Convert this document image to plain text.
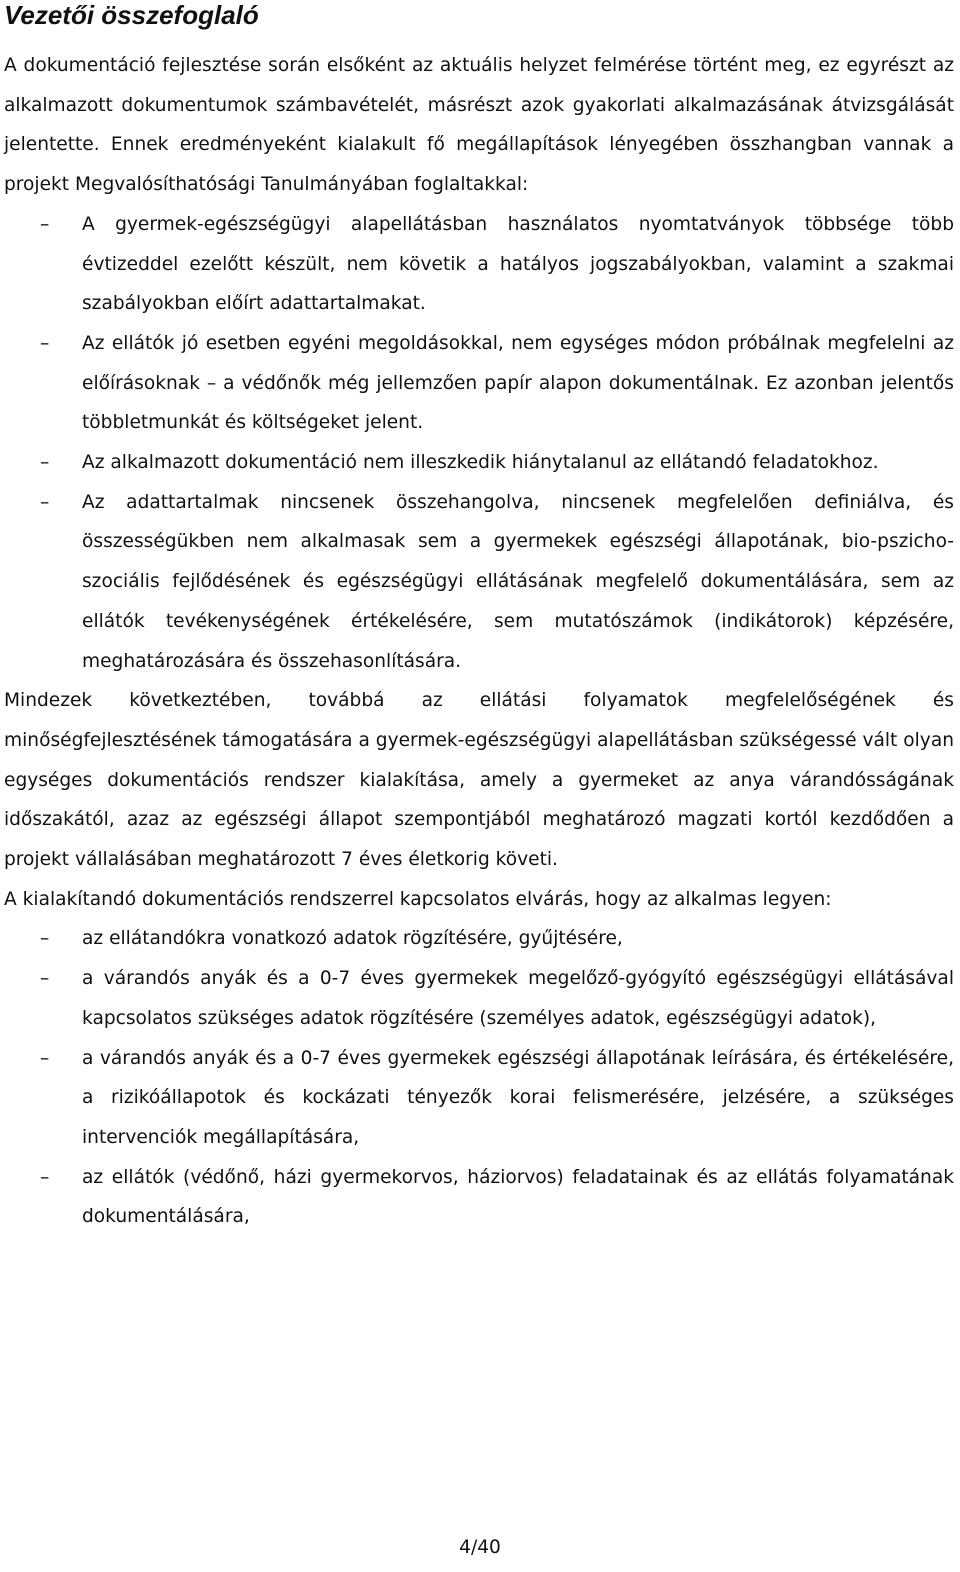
Vezetői összefoglaló

A dokumentáció fejlesztése során elsőként az aktuális helyzet felmérése történt meg, ez egyrészt az alkalmazott dokumentumok számbavételét, másrészt azok gyakorlati alkalmazásának átvizsgálását jelentette. Ennek eredményeként kialakult fő megállapítások lényegében összhangban vannak a projekt Megvalósíthatósági Tanulmányában foglaltakkal:

– A gyermek-egészségügyi alapellátásban használatos nyomtatványok többsége több évtizeddel ezelőtt készült, nem követik a hatályos jogszabályokban, valamint a szakmai szabályokban előírt adattartalmakat.
– Az ellátók jó esetben egyéni megoldásokkal, nem egységes módon próbálnak megfelelni az előírásoknak – a védőnők még jellemzően papír alapon dokumentálnak. Ez azonban jelentős többletmunkát és költségeket jelent.
– Az alkalmazott dokumentáció nem illeszkedik hiánytalanul az ellátandó feladatokhoz.
– Az adattartalmak nincsenek összehangolva, nincsenek megfelelően definiálva, és összességükben nem alkalmasak sem a gyermekek egészségi állapotának, bio-pszicho-szociális fejlődésének és egészségügyi ellátásának megfelelő dokumentálására, sem az ellátók tevékenységének értékelésére, sem mutatószámok (indikátorok) képzésére, meghatározására és összehasonlítására.

Mindezek következtében, továbbá az ellátási folyamatok megfelelőségének és minőségfejlesztésének támogatására a gyermek-egészségügyi alapellátásban szükségessé vált olyan egységes dokumentációs rendszer kialakítása, amely a gyermeket az anya várandósságának időszakától, azaz az egészségi állapot szempontjából meghatározó magzati kortól kezdődően a projekt vállalásában meghatározott 7 éves életkorig követi.

A kialakítandó dokumentációs rendszerrel kapcsolatos elvárás, hogy az alkalmas legyen:

– az ellátandókra vonatkozó adatok rögzítésére, gyűjtésére,
– a várandós anyák és a 0-7 éves gyermekek megelőző-gyógyító egészségügyi ellátásával kapcsolatos szükséges adatok rögzítésére (személyes adatok, egészségügyi adatok),
– a várandós anyák és a 0-7 éves gyermekek egészségi állapotának leírására, és értékelésére, a rizikóállapotok és kockázati tényezők korai felismerésére, jelzésére, a szükséges intervenciók megállapítására,
– az ellátók (védőnő, házi gyermekorvos, háziorvos) feladatainak és az ellátás folyamatának dokumentálására,
4/40
